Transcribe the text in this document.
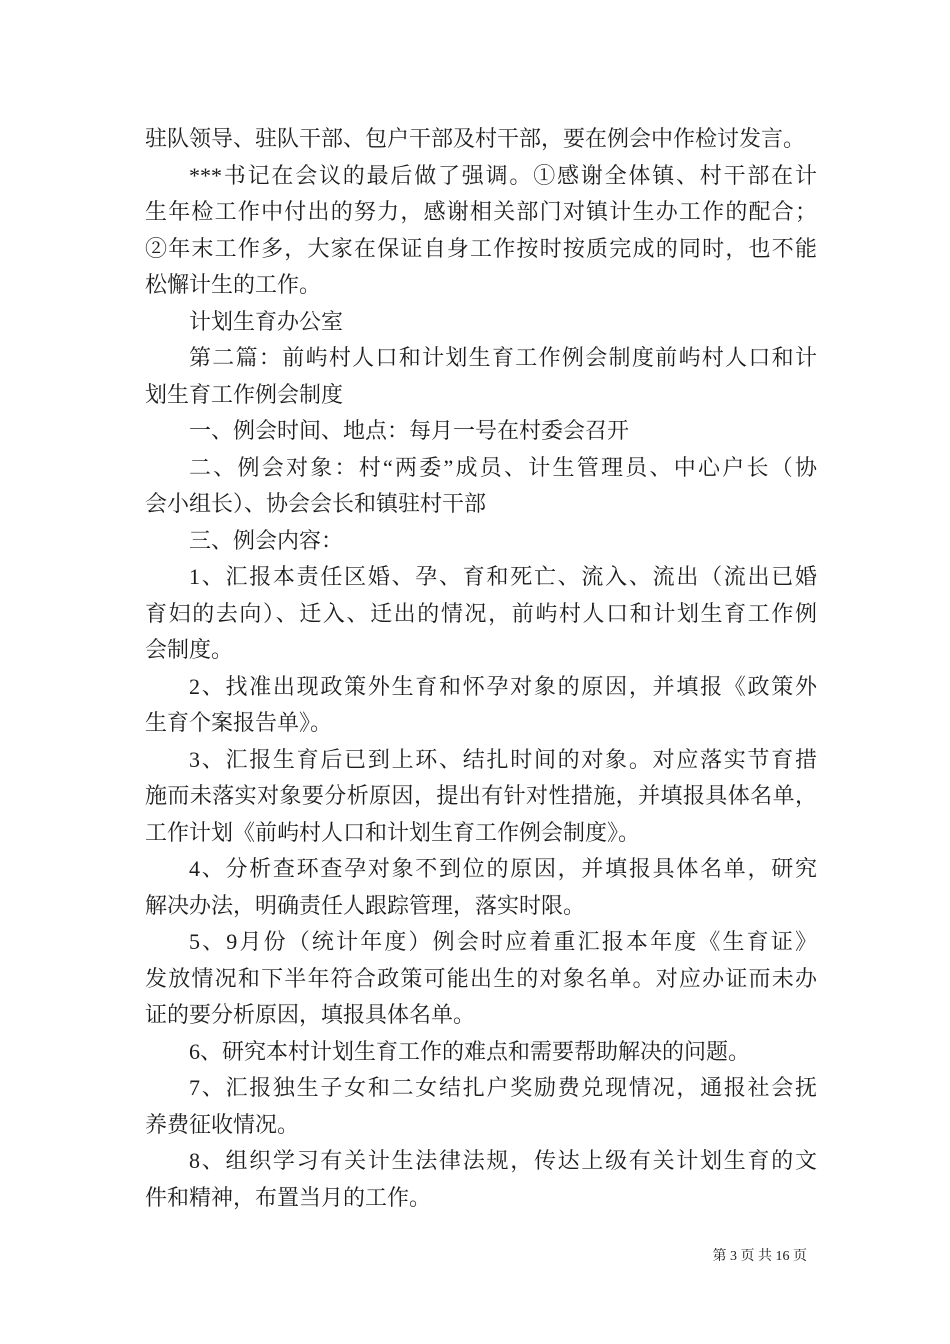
驻队领导、驻队干部、包户干部及村干部，要在例会中作检讨发言。
***书记在会议的最后做了强调。①感谢全体镇、村干部在计
生年检工作中付出的努力，感谢相关部门对镇计生办工作的配合；
②年末工作多，大家在保证自身工作按时按质完成的同时，也不能
松懈计生的工作。
计划生育办公室
第二篇：前屿村人口和计划生育工作例会制度前屿村人口和计
划生育工作例会制度
一、例会时间、地点：每月一号在村委会召开
二、例会对象：村“两委”成员、计生管理员、中心户长（协
会小组长）、协会会长和镇驻村干部
三、例会内容：
1、汇报本责任区婚、孕、育和死亡、流入、流出（流出已婚
育妇的去向）、迁入、迁出的情况，前屿村人口和计划生育工作例
会制度。
2、找准出现政策外生育和怀孕对象的原因，并填报《政策外
生育个案报告单》。
3、汇报生育后已到上环、结扎时间的对象。对应落实节育措
施而未落实对象要分析原因，提出有针对性措施，并填报具体名单，
工作计划《前屿村人口和计划生育工作例会制度》。
4、分析查环查孕对象不到位的原因，并填报具体名单，研究
解决办法，明确责任人跟踪管理，落实时限。
5、9月份（统计年度）例会时应着重汇报本年度《生育证》
发放情况和下半年符合政策可能出生的对象名单。对应办证而未办
证的要分析原因，填报具体名单。
6、研究本村计划生育工作的难点和需要帮助解决的问题。
7、汇报独生子女和二女结扎户奖励费兑现情况，通报社会抚
养费征收情况。
8、组织学习有关计生法律法规，传达上级有关计划生育的文
件和精神，布置当月的工作。
第 3 页 共 16 页
